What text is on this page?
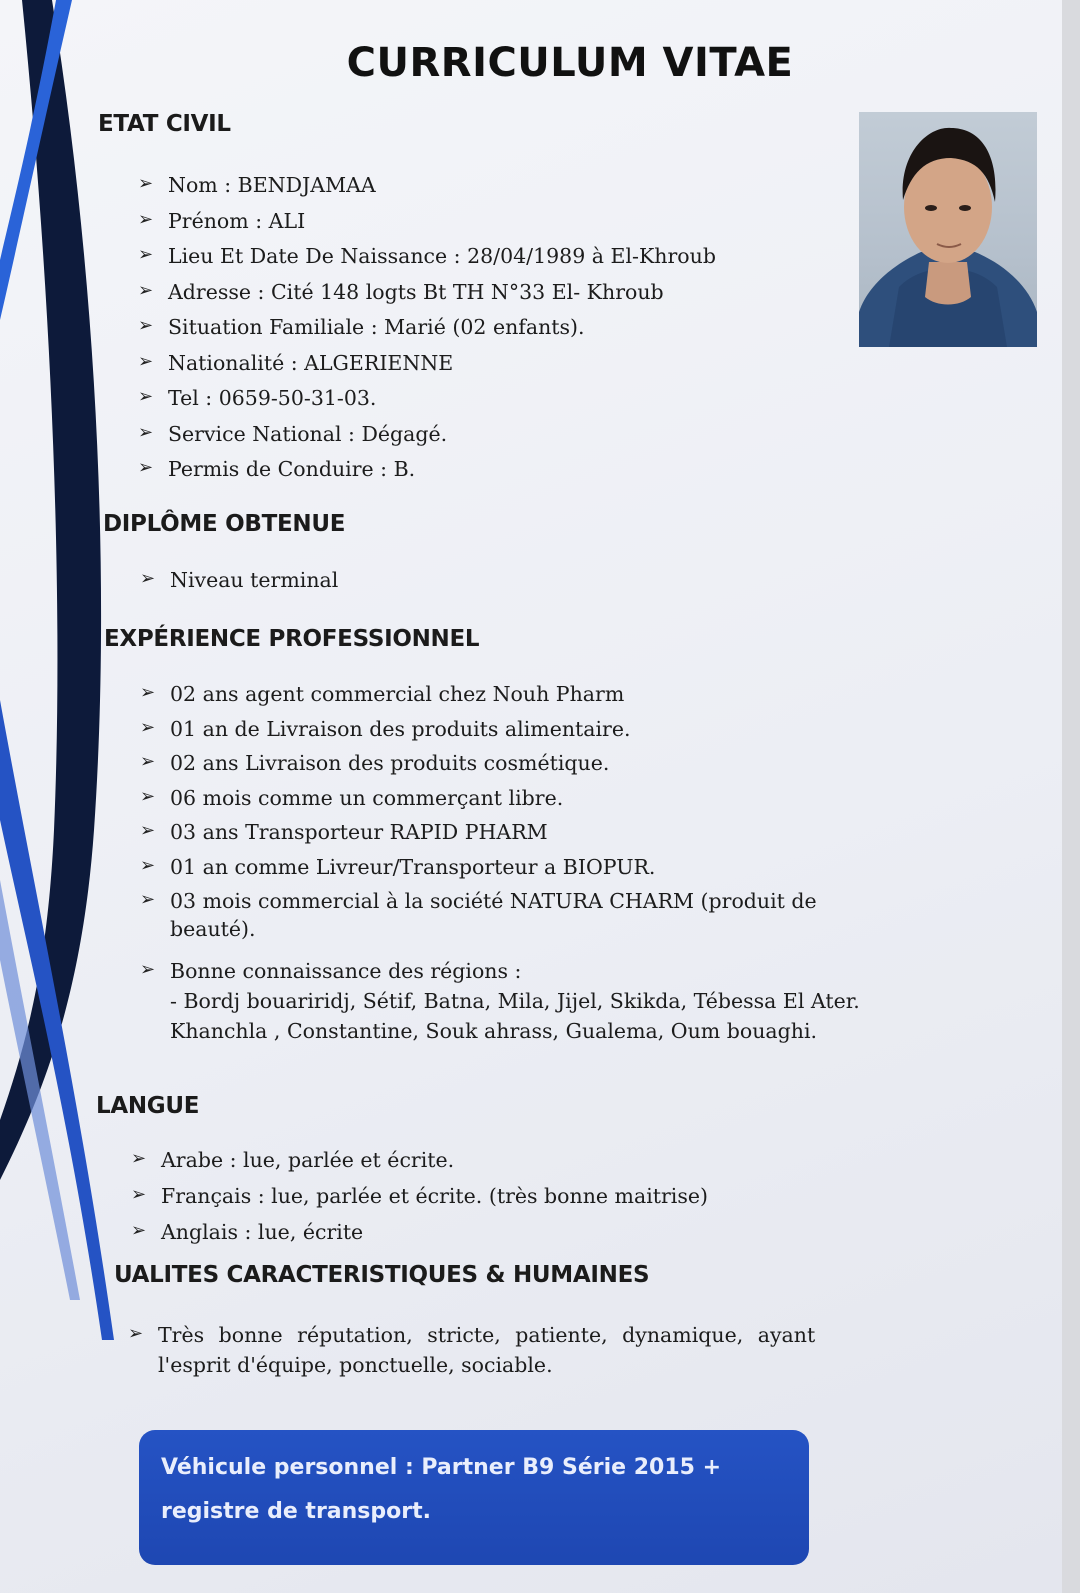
CURRICULUM VITAE
ETAT CIVIL
➢ Nom : BENDJAMAA
➢ Prénom : ALI
➢ Lieu Et Date De Naissance : 28/04/1989 à El-Khroub
➢ Adresse : Cité 148 logts Bt TH N°33 El- Khroub
➢ Situation Familiale : Marié (02 enfants).
➢ Nationalité : ALGERIENNE
➢ Tel : 0659-50-31-03.
➢ Service National : Dégagé.
➢ Permis de Conduire : B.
DIPLÔME OBTENUE
➢ Niveau terminal
EXPÉRIENCE PROFESSIONNEL
➢ 02 ans agent commercial chez Nouh Pharm
➢ 01 an de Livraison des produits alimentaire.
➢ 02 ans Livraison des produits cosmétique.
➢ 06 mois comme un commerçant libre.
➢ 03 ans Transporteur RAPID PHARM
➢ 01 an comme Livreur/Transporteur a BIOPUR.
➢ 03 mois commercial à la société NATURA CHARM (produit de
beauté).
➢ Bonne connaissance des régions :
- Bordj bouariridj, Sétif, Batna, Mila, Jijel, Skikda, Tébessa El Ater.
Khanchla , Constantine, Souk ahrass, Gualema, Oum bouaghi.
LANGUE
➢ Arabe : lue, parlée et écrite.
➢ Français : lue, parlée et écrite. (très bonne maitrise)
➢ Anglais : lue, écrite
UALITES CARACTERISTIQUES & HUMAINES
➢ Très bonne réputation, stricte, patiente, dynamique, ayant
l'esprit d'équipe, ponctuelle, sociable.
Véhicule personnel : Partner B9 Série 2015 +
registre de transport.
